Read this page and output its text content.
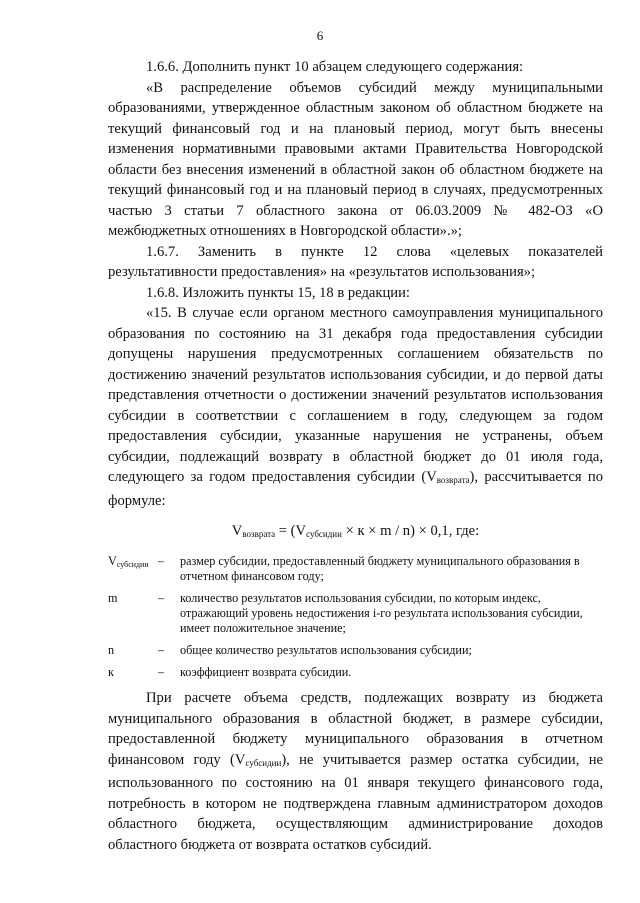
6

1.6.6. Дополнить пункт 10 абзацем следующего содержания:

«В распределение объемов субсидий между муниципальными образованиями, утвержденное областным законом об областном бюджете на текущий финансовый год и на плановый период, могут быть внесены изменения нормативными правовыми актами Правительства Новгородской области без внесения изменений в областной закон об областном бюджете на текущий финансовый год и на плановый период в случаях, предусмотренных частью 3 статьи 7 областного закона от 06.03.2009 № 482-ОЗ «О межбюджетных отношениях в Новгородской области».»;

1.6.7. Заменить в пункте 12 слова «целевых показателей результативности предоставления» на «результатов использования»;

1.6.8. Изложить пункты 15, 18 в редакции:

«15. В случае если органом местного самоуправления муниципального образования по состоянию на 31 декабря года предоставления субсидии допущены нарушения предусмотренных соглашением обязательств по достижению значений результатов использования субсидии, и до первой даты представления отчетности о достижении значений результатов использования субсидии в соответствии с соглашением в году, следующем за годом предоставления субсидии, указанные нарушения не устранены, объем субсидии, подлежащий возврату в областной бюджет до 01 июля года, следующего за годом предоставления субсидии (Vвозврата), рассчитывается по формуле:

$V_{возврата} = (V_{субсидии} \times к \times m / n) \times 0,1$, где:
$V_{субсидии}$ –	размер субсидии, предоставленный бюджету муниципального образования в отчетном финансовом году;
m	–	количество результатов использования субсидии, по которым индекс, отражающий уровень недостижения i-го результата использования субсидии, имеет положительное значение;
n	–	общее количество результатов использования субсидии;
к	–	коэффициент возврата субсидии.

При расчете объема средств, подлежащих возврату из бюджета муниципального образования в областной бюджет, в размере субсидии, предоставленной бюджету муниципального образования в отчетном финансовом году (Vсубсидии), не учитывается размер остатка субсидии, не использованного по состоянию на 01 января текущего финансового года, потребность в котором не подтверждена главным администратором доходов областного бюджета, осуществляющим администрирование доходов областного бюджета от возврата остатков субсидий.
